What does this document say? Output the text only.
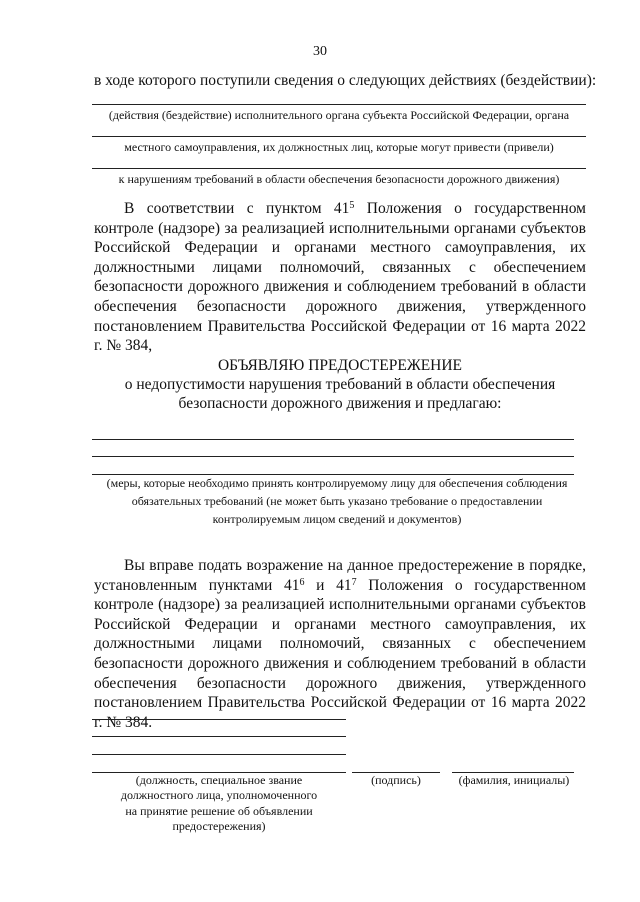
30
в ходе которого поступили сведения о следующих действиях (бездействии):
(действия (бездействие) исполнительного органа субъекта Российской Федерации, органа
местного самоуправления, их должностных лиц, которые могут привести (привели)
к нарушениям требований в области обеспечения безопасности дорожного движения)
В соответствии с пунктом $41^5$ Положения о государственном контроле (надзоре) за реализацией исполнительными органами субъектов Российской Федерации и органами местного самоуправления, их должностными лицами полномочий, связанных с обеспечением безопасности дорожного движения и соблюдением требований в области обеспечения безопасности дорожного движения, утвержденного постановлением Правительства Российской Федерации от 16 марта 2022 г. № 384,
ОБЪЯВЛЯЮ ПРЕДОСТЕРЕЖЕНИЕ
о недопустимости нарушения требований в области обеспечения
безопасности дорожного движения и предлагаю:
(меры, которые необходимо принять контролируемому лицу для обеспечения соблюдения
обязательных требований (не может быть указано требование о предоставлении
контролируемым лицом сведений и документов)
Вы вправе подать возражение на данное предостережение в порядке, установленным пунктами $41^6$ и $41^7$ Положения о государственном контроле (надзоре) за реализацией исполнительными органами субъектов Российской Федерации и органами местного самоуправления, их должностными лицами полномочий, связанных с обеспечением безопасности дорожного движения и соблюдением требований в области обеспечения безопасности дорожного движения, утвержденного постановлением Правительства Российской Федерации от 16 марта 2022 г. № 384.
(должность, специальное звание
должностного лица, уполномоченного
на принятие решение об объявлении
предостережения)
(подпись)	(фамилия, инициалы)
